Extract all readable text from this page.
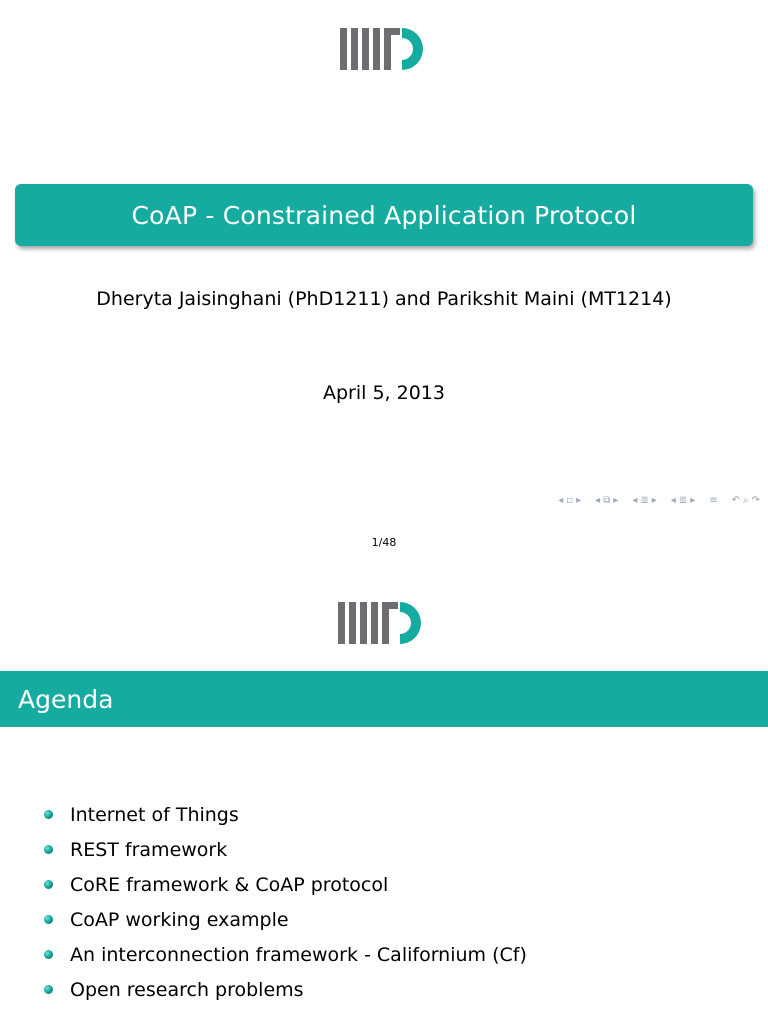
CoAP - Constrained Application Protocol
Dheryta Jaisinghani (PhD1211) and Parikshit Maini (MT1214)
April 5, 2013
◂ ▫ ▸ ◂ ⧉ ▸ ◂ ≣ ▸ ◂ ≣ ▸ ≡ ↶ ⌕ ↷
1/48
Agenda
Internet of Things
REST framework
CoRE framework & CoAP protocol
CoAP working example
An interconnection framework - Californium (Cf)
Open research problems
